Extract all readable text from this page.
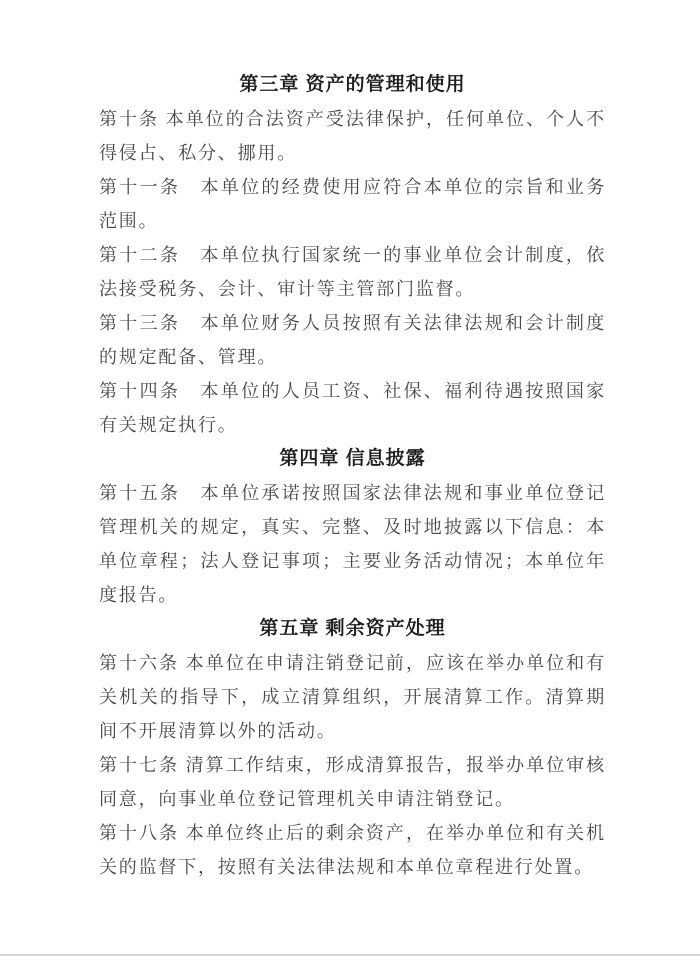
第三章 资产的管理和使用

第十条 本单位的合法资产受法律保护，任何单位、个人不得侵占、私分、挪用。

第十一条　本单位的经费使用应符合本单位的宗旨和业务范围。

第十二条　本单位执行国家统一的事业单位会计制度，依法接受税务、会计、审计等主管部门监督。

第十三条　本单位财务人员按照有关法律法规和会计制度的规定配备、管理。

第十四条　本单位的人员工资、社保、福利待遇按照国家有关规定执行。

第四章 信息披露

第十五条　本单位承诺按照国家法律法规和事业单位登记管理机关的规定，真实、完整、及时地披露以下信息：本单位章程；法人登记事项；主要业务活动情况；本单位年度报告。

第五章 剩余资产处理

第十六条 本单位在申请注销登记前，应该在举办单位和有关机关的指导下，成立清算组织，开展清算工作。清算期间不开展清算以外的活动。

第十七条 清算工作结束，形成清算报告，报举办单位审核同意，向事业单位登记管理机关申请注销登记。

第十八条 本单位终止后的剩余资产，在举办单位和有关机关的监督下，按照有关法律法规和本单位章程进行处置。
